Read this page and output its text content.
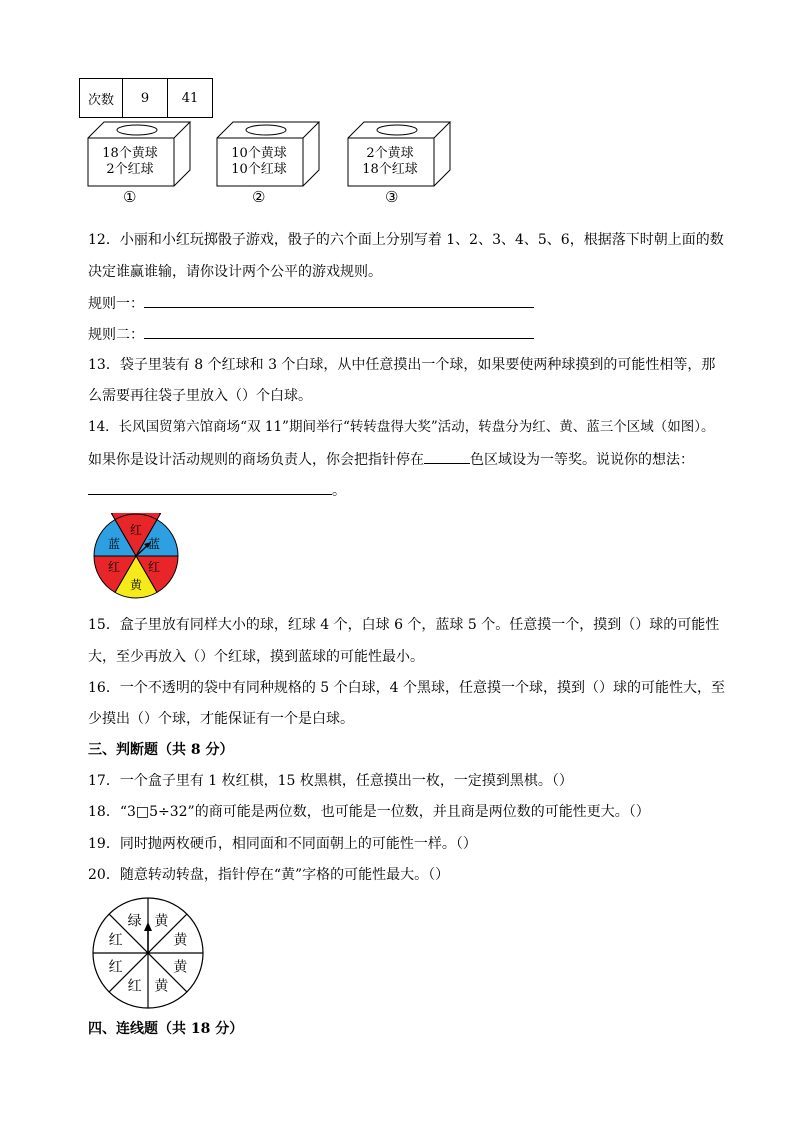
次数	9	41
18个黄球
2个红球
10个黄球
10个红球
2个黄球
18个红球
①	②	③
12．小丽和小红玩掷骰子游戏，骰子的六个面上分别写着 1、2、3、4、5、6，根据落下时朝上面的数
决定谁赢谁输，请你设计两个公平的游戏规则。
规则一：
规则二：
13．袋子里装有 8 个红球和 3 个白球，从中任意摸出一个球，如果要使两种球摸到的可能性相等，那
么需要再往袋子里放入（）个白球。
14．长风国贸第六馆商场“双 11”期间举行“转转盘得大奖”活动，转盘分为红、黄、蓝三个区域（如图）。
如果你是设计活动规则的商场负责人，你会把指针停在	色区域设为一等奖。说说你的想法：
。
红
蓝
红
黄
红
蓝
15．盒子里放有同样大小的球，红球 4 个，白球 6 个，蓝球 5 个。任意摸一个，摸到（）球的可能性
大，至少再放入（）个红球，摸到蓝球的可能性最小。
16．一个不透明的袋中有同种规格的 5 个白球，4 个黑球，任意摸一个球，摸到（）球的可能性大，至
少摸出（）个球，才能保证有一个是白球。
三、判断题（共 8 分）
17．一个盒子里有 1 枚红棋，15 枚黑棋，任意摸出一枚，一定摸到黑棋。（）
18．“3□5÷32”的商可能是两位数，也可能是一位数，并且商是两位数的可能性更大。（）
19．同时抛两枚硬币，相同面和不同面朝上的可能性一样。（）
20．随意转动转盘，指针停在“黄”字格的可能性最大。（）
黄
黄
黄
黄
红
红
红
绿
四、连线题（共 18 分）
